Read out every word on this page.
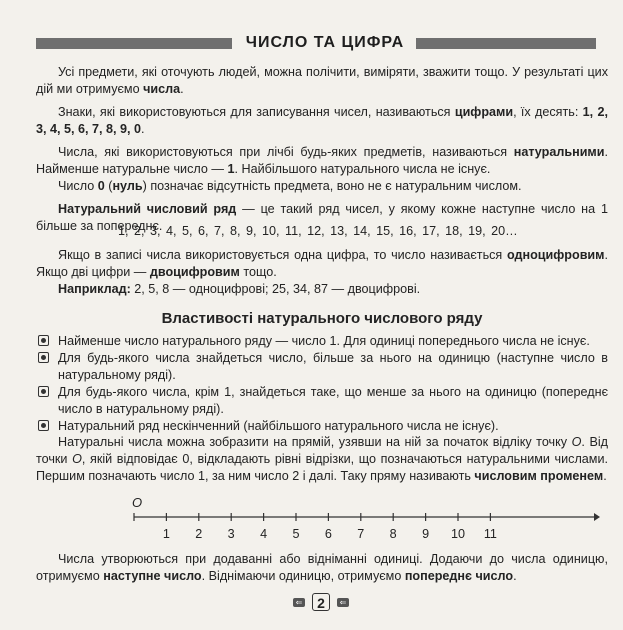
ЧИСЛО ТА ЦИФРА

Усі предмети, які оточують людей, можна полічити, виміряти, зважити тощо. У результаті цих дій ми отримуємо числа.

Знаки, які використовуються для записування чисел, називаються цифрами, їх десять: 1, 2, 3, 4, 5, 6, 7, 8, 9, 0.

Числа, які використовуються при лічбі будь-яких предметів, називаються натуральними. Найменше натуральне число — 1. Найбільшого натурального числа не існує.

Число 0 (нуль) позначає відсутність предмета, воно не є натуральним числом.

Натуральний числовий ряд — це такий ряд чисел, у якому кожне наступне число на 1 більше за попереднє.

1, 2, 3, 4, 5, 6, 7, 8, 9, 10, 11, 12, 13, 14, 15, 16, 17, 18, 19, 20…

Якщо в записі числа використовується одна цифра, то число називається одноцифровим. Якщо дві цифри — двоцифровим тощо.

Наприклад: 2, 5, 8 — одноцифрові; 25, 34, 87 — двоцифрові.

Властивості натурального числового ряду
Найменше число натурального ряду — число 1. Для одиниці попереднього числа не існує.
Для будь-якого числа знайдеться число, більше за нього на одиницю (наступне число в натуральному ряді).
Для будь-якого числа, крім 1, знайдеться таке, що менше за нього на одиницю (попереднє число в натуральному ряді).
Натуральний ряд нескінченний (найбільшого натурального числа не існує).

Натуральні числа можна зобразити на прямій, узявши на ній за початок відліку точку O. Від точки O, якій відповідає 0, відкладають рівні відрізки, що позначаються натуральними числами. Першим позначають число 1, за ним число 2 і далі. Таку пряму називають числовим променем.

O
1	2	3	4	5	6	7	8	9	10	11

Числа утворюються при додаванні або відніманні одиниці. Додаючи до числа одиницю, отримуємо наступне число. Віднімаючи одиницю, отримуємо попереднє число.

⇐	2	⇐
